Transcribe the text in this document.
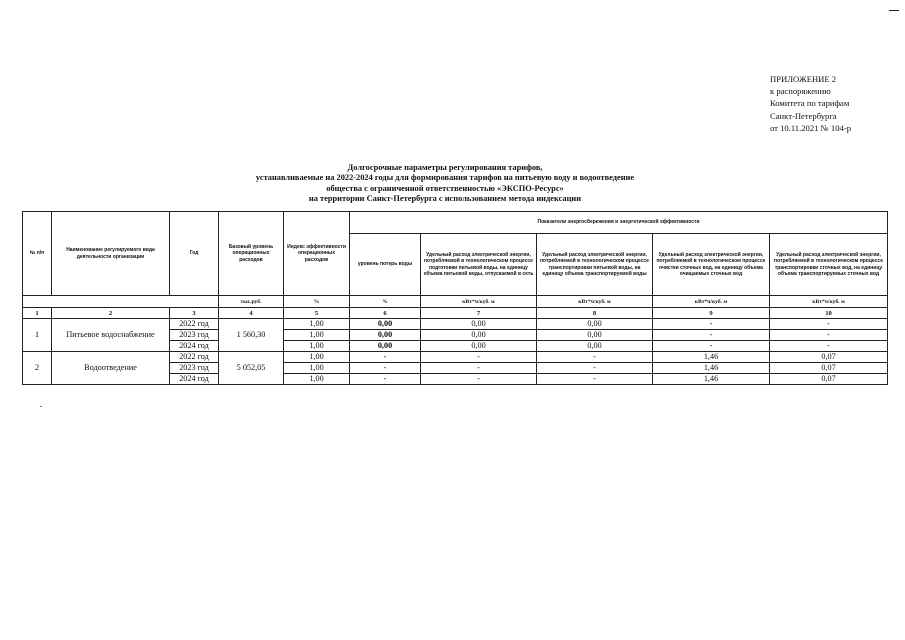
ПРИЛОЖЕНИЕ 2
к распоряжению
Комитета по тарифам
Санкт-Петербурга
от 10.11.2021 № 104-р
Долгосрочные параметры регулирования тарифов,
устанавливаемые на 2022-2024 годы для формирования тарифов на питьевую воду и водоотведение
общества с ограниченной ответственностью «ЭКСПО-Ресурс»
на территории Санкт-Петербурга с использованием метода индексации
№ п/п	Наименование регулируемого вида деятельности организации	Год	Базовый уровень операционных расходов	Индекс эффективности операционных расходов	Показатели энергосбережения и энергетической эффективности				
					уровень потерь воды	Удельный расход электрической энергии, потребляемой в технологическом процессе подготовки питьевой воды, на единицу объема питьевой воды, отпускаемой в сеть	Удельный расход электрической энергии, потребляемой в технологическом процессе транспортировки питьевой воды, на единицу объема транспортируемой воды	Удельный расход электрической энергии, потребляемой в технологическом процессе очистки сточных вод, на единицу объема очищаемых сточных вод	Удельный расход электрической энергии, потребляемой в технологическом процессе транспортировки сточных вод, на единицу объема транспортируемых сточных вод
			тыс.руб.	%	%	кВт*ч/куб. м	кВт*ч/куб. м	кВт*ч/куб. м	кВт*ч/куб. м
1	2	3	4	5	6	7	8	9	10
1	Питьевое водоснабжение	2022 год	1 560,30	1,00	0,00	0,00	0,00	-	-
		2023 год		1,00	0,00	0,00	0,00	-	-
		2024 год		1,00	0,00	0,00	0,00	-	-
2	Водоотведение	2022 год	5 052,05	1,00	-	-	-	1,46	0,07
		2023 год		1,00	-	-	-	1,46	0,07
		2024 год		1,00	-	-	-	1,46	0,07
